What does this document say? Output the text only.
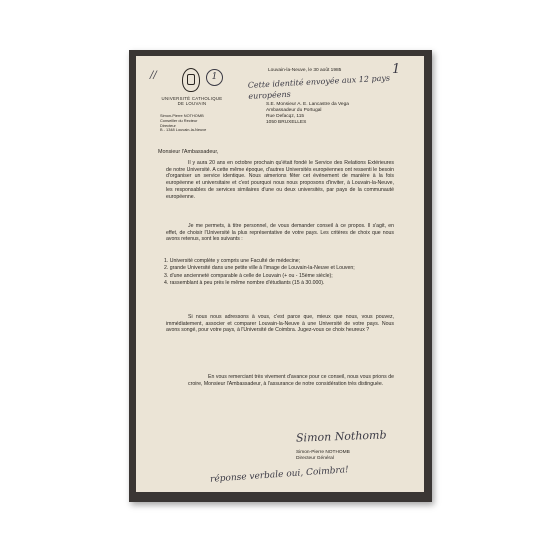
//	1
UNIVERSITÉ CATHOLIQUE
DE LOUVAIN
Simon-Pierre NOTHOMB
Conseiller du Recteur
Directeur
B - 1348 Louvain-la-Neuve
Louvain-la-Neuve, le 30 août 1985	1
Cette identité envoyée aux 12 pays européens
S.E. Monsieur A. E. Lancastre da Vega
Ambassadeur du Portugal
Rue Defacqz, 115
1050 BRUXELLES
Monsieur l'Ambassadeur,
Il y aura 20 ans en octobre prochain qu'était fondé le Service des Relations Extérieures de notre Université. A cette même époque, d'autres Universités européennes ont ressenti le besoin d'organiser un service identique. Nous aimerions fêter cet événement de manière à la fois européenne et universitaire et c'est pourquoi nous nous proposons d'inviter, à Louvain-la-Neuve, les responsables de services similaires d'une ou deux universités, par pays de la communauté européenne.
Je me permets, à titre personnel, de vous demander conseil à ce propos. Il s'agit, en effet, de choisir l'Université la plus représentative de votre pays. Les critères de choix que nous avons retenus, sont les suivants :
1. Université complète y compris une Faculté de médecine;
2. grande Université dans une petite ville à l'image de Louvain-la-Neuve et Louven;
3. d'une ancienneté comparable à celle de Louvain (+ ou - 15ème siècle);
4. rassemblant à peu près le même nombre d'étudiants (15 à 30.000).
Si nous nous adressons à vous, c'est parce que, mieux que nous, vous pouvez, immédiatement, associer et comparer Louvain-la-Neuve à une Université de votre pays. Nous avons songé, pour votre pays, à l'Université de Coimbra. Jugez-vous ce choix heureux ?
En vous remerciant très vivement d'avance pour ce conseil, nous vous prions de croire, Monsieur l'Ambassadeur, à l'assurance de notre considération très distinguée.
Simon Nothomb
Simon-Pierre NOTHOMB
Directeur Général
réponse verbale oui, Coimbra!
